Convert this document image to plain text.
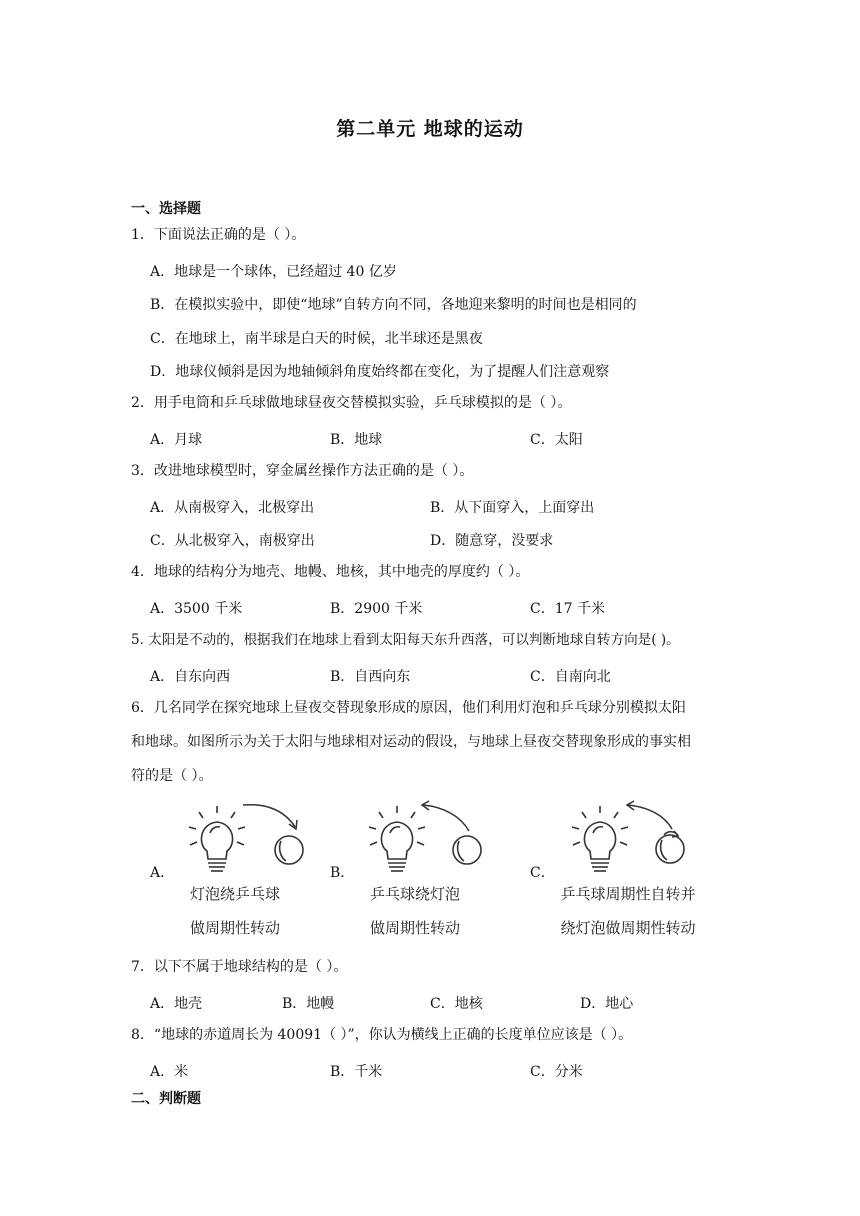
第二单元 地球的运动
一、选择题
1．下面说法正确的是（ ）。
A．地球是一个球体，已经超过 40 亿岁
B．在模拟实验中，即使“地球”自转方向不同，各地迎来黎明的时间也是相同的
C．在地球上，南半球是白天的时候，北半球还是黑夜
D．地球仪倾斜是因为地轴倾斜角度始终都在变化，为了提醒人们注意观察
2．用手电筒和乒乓球做地球昼夜交替模拟实验，乒乓球模拟的是（ ）。
A．月球	B．地球	C．太阳
3．改进地球模型时，穿金属丝操作方法正确的是（ ）。
A．从南极穿入，北极穿出	B．从下面穿入，上面穿出
C．从北极穿入，南极穿出	D．随意穿，没要求
4．地球的结构分为地壳、地幔、地核，其中地壳的厚度约（ ）。
A．3500 千米	B．2900 千米	C．17 千米
5. 太阳是不动的，根据我们在地球上看到太阳每天东升西落，可以判断地球自转方向是( )。
A．自东向西	B．自西向东	C．自南向北
6．几名同学在探究地球上昼夜交替现象形成的原因，他们利用灯泡和乒乓球分别模拟太阳
和地球。如图所示为关于太阳与地球相对运动的假设，与地球上昼夜交替现象形成的事实相
符的是（ ）。
A．
灯泡绕乒乓球
做周期性转动
B．
乒乓球绕灯泡
做周期性转动
C．
乒乓球周期性自转并
绕灯泡做周期性转动
7．以下不属于地球结构的是（ ）。
A．地壳	B．地幔	C．地核	D．地心
8．“地球的赤道周长为 40091（ ）”，你认为横线上正确的长度单位应该是（ ）。
A．米	B．千米	C．分米
二、判断题
